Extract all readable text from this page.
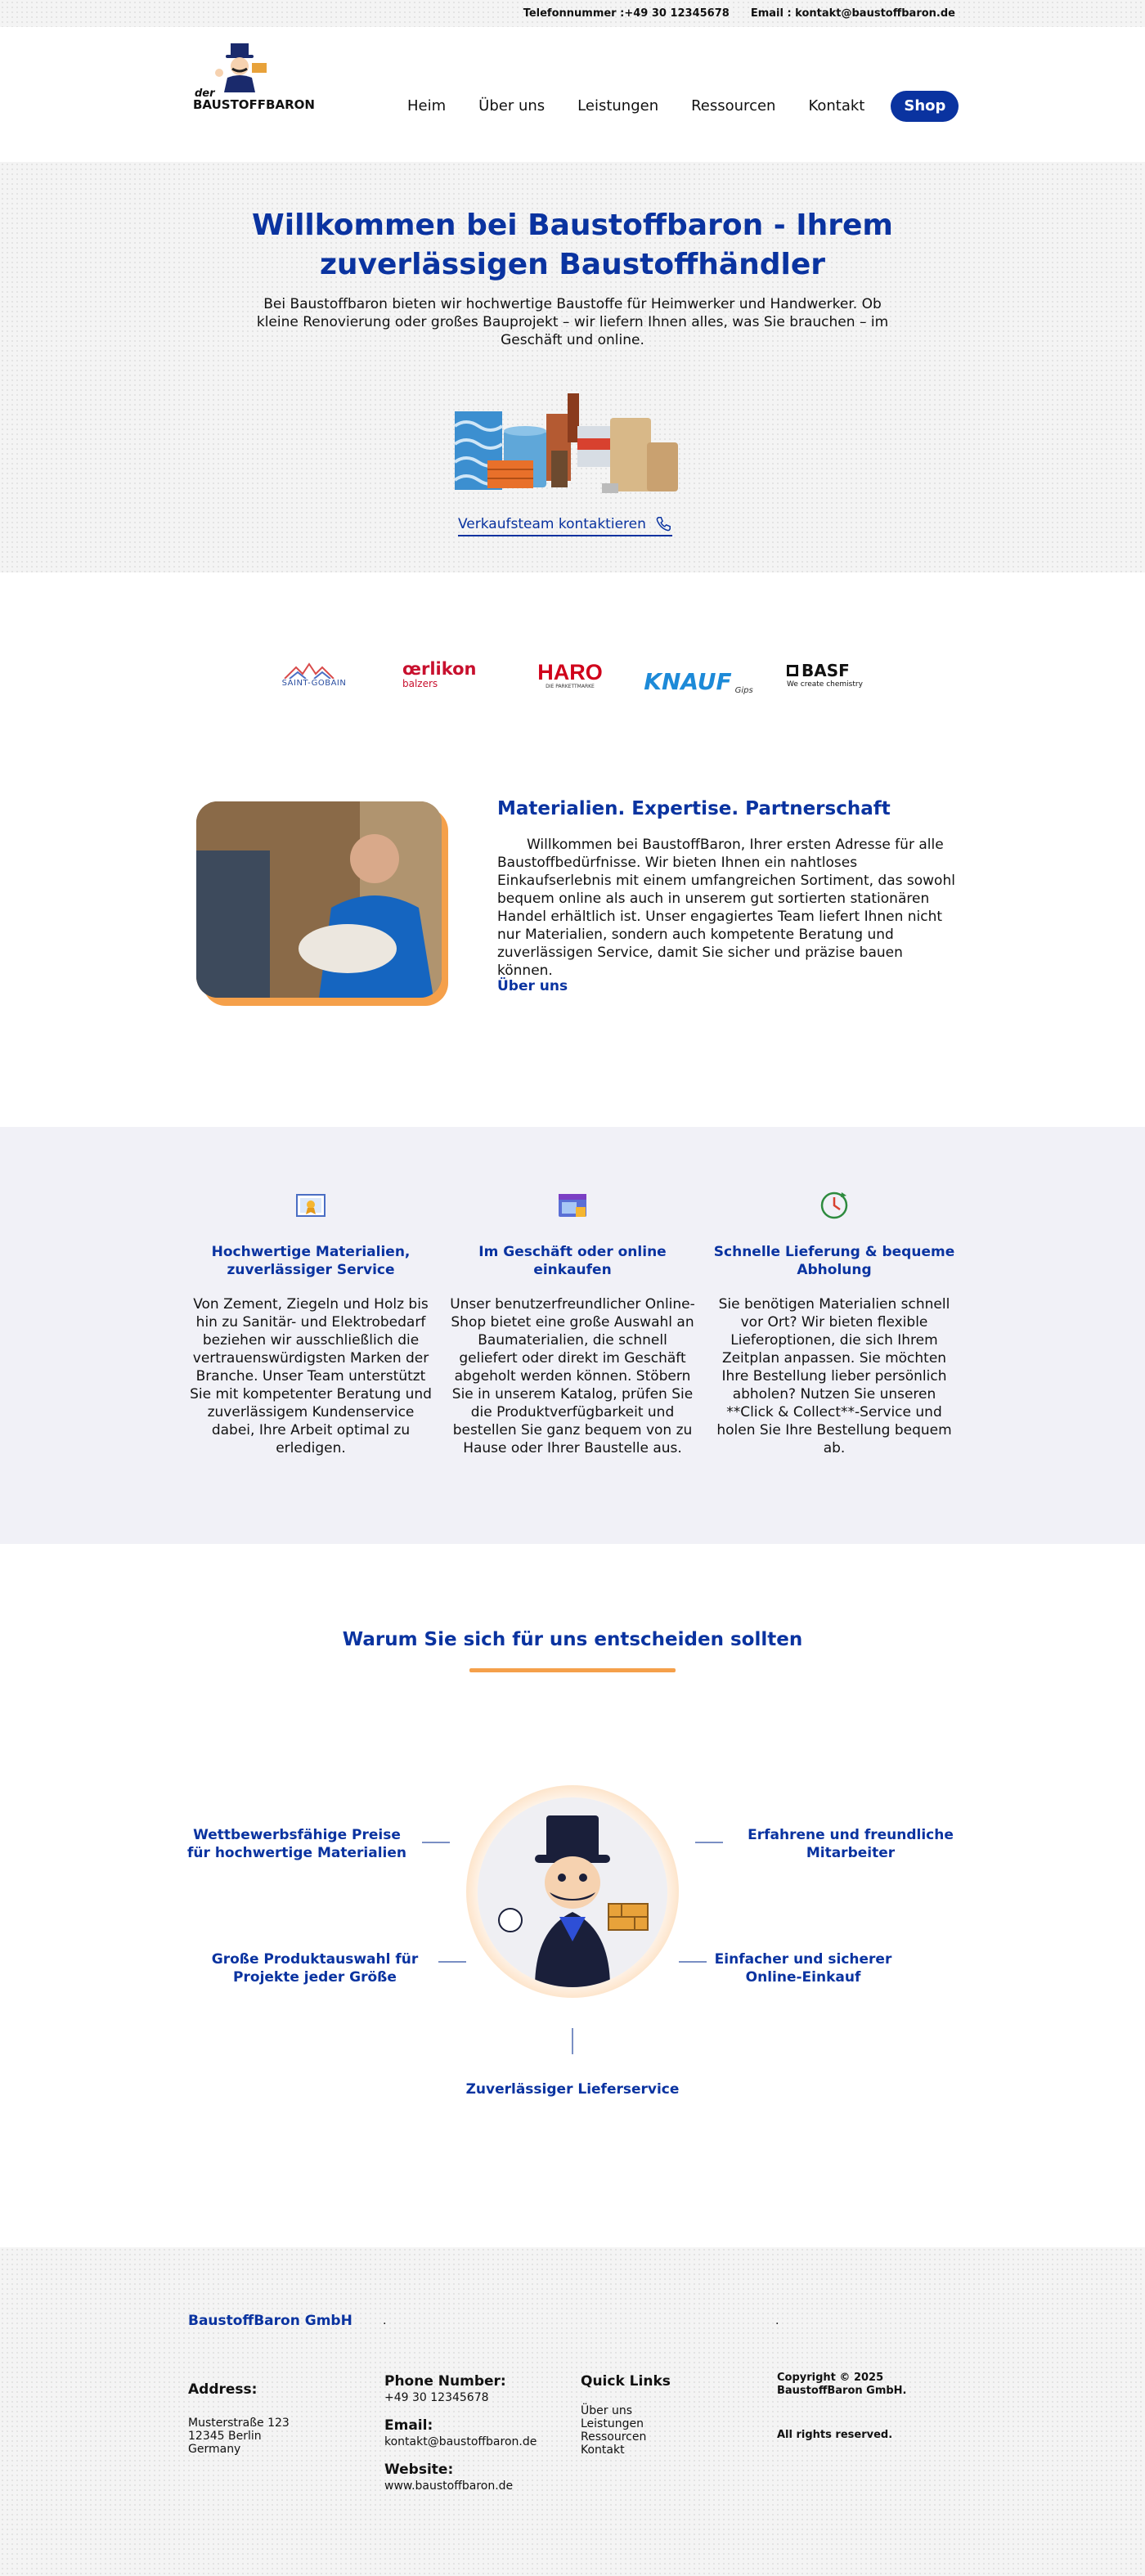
Telefonnummer :+49 30 12345678 Email : kontakt@baustoffbaron.de
der
BAUSTOFFBARON	Heim	Über uns	Leistungen	Ressourcen	Kontakt	Shop
Willkommen bei Baustoffbaron - Ihrem zuverlässigen Baustoffhändler

Bei Baustoffbaron bieten wir hochwertige Baustoffe für Heimwerker und Handwerker. Ob kleine Renovierung oder großes Bauprojekt – wir liefern Ihnen alles, was Sie brauchen – im Geschäft und online.

Verkaufsteam kontaktieren
SAINT-GOBAIN
œrlikon
balzers	HARO
DIE PARKETTMARKE KNAUF Gips
BASF
We create chemistry
Materialien. Expertise. Partnerschaft

Willkommen bei BaustoffBaron, Ihrer ersten Adresse für alle Baustoffbedürfnisse. Wir bieten Ihnen ein nahtloses Einkaufserlebnis mit einem umfangreichen Sortiment, das sowohl bequem online als auch in unserem gut sortierten stationären Handel erhältlich ist. Unser engagiertes Team liefert Ihnen nicht nur Materialien, sondern auch kompetente Beratung und zuverlässigen Service, damit Sie sicher und präzise bauen können.

Über uns
Hochwertige Materialien, zuverlässiger Service

Von Zement, Ziegeln und Holz bis hin zu Sanitär- und Elektrobedarf beziehen wir ausschließlich die vertrauenswürdigsten Marken der Branche. Unser Team unterstützt Sie mit kompetenter Beratung und zuverlässigem Kundenservice dabei, Ihre Arbeit optimal zu erledigen.

Im Geschäft oder online einkaufen

Unser benutzerfreundlicher Online-Shop bietet eine große Auswahl an Baumaterialien, die schnell geliefert oder direkt im Geschäft abgeholt werden können. Stöbern Sie in unserem Katalog, prüfen Sie die Produktverfügbarkeit und bestellen Sie ganz bequem von zu Hause oder Ihrer Baustelle aus.

Schnelle Lieferung & bequeme Abholung

Sie benötigen Materialien schnell vor Ort? Wir bieten flexible Lieferoptionen, die sich Ihrem Zeitplan anpassen. Sie möchten Ihre Bestellung lieber persönlich abholen? Nutzen Sie unseren **Click & Collect**-Service und holen Sie Ihre Bestellung bequem ab.

Warum Sie sich für uns entscheiden sollten
Wettbewerbsfähige Preise für hochwertige Materialien
Erfahrene und freundliche Mitarbeiter
Große Produktauswahl für Projekte jeder Größe
Einfacher und sicherer Online-Einkauf
Zuverlässiger Lieferservice
BaustoffBaron GmbH	.	.
Address:
Musterstraße 123
12345 Berlin
Germany
Phone Number:
+49 30 12345678
Email:
kontakt@baustoffbaron.de
Website:
www.baustoffbaron.de
Quick Links
Über uns
Leistungen
Ressourcen
Kontakt
Copyright © 2025 BaustoffBaron GmbH.
All rights reserved.
